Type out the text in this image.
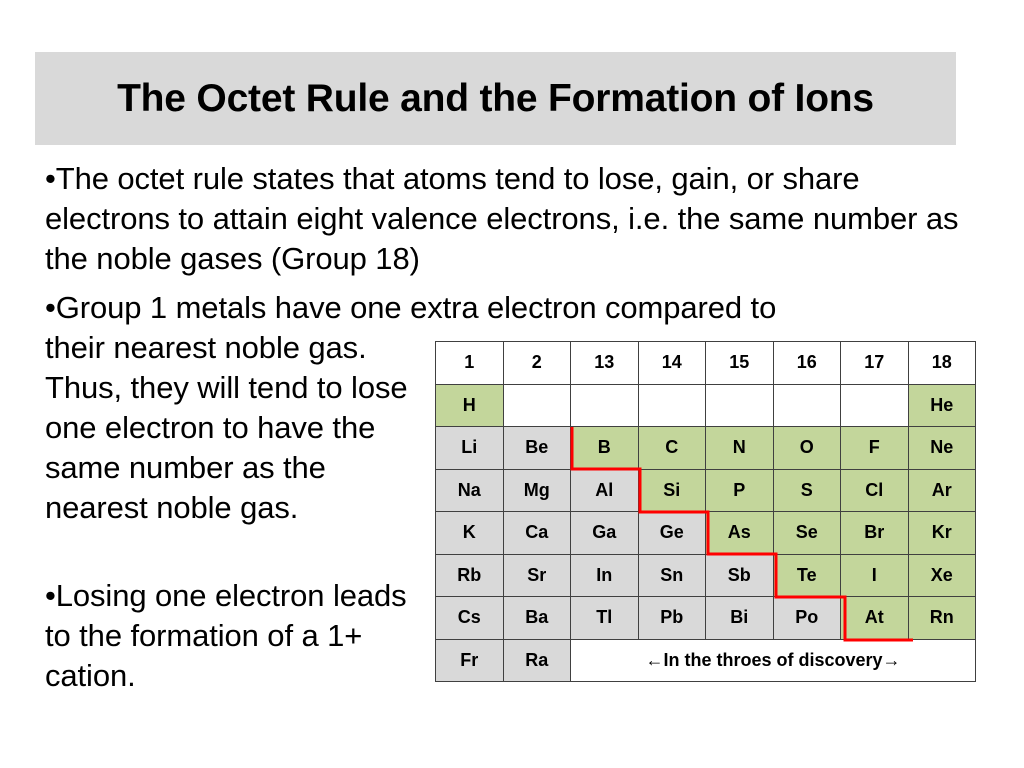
The Octet Rule and the Formation of Ions

•The octet rule states that atoms tend to lose, gain, or share electrons to attain eight valence electrons, i.e. the same number as the noble gases (Group 18)

•Group 1 metals have one extra electron compared to

their nearest noble gas. Thus, they will tend to lose one electron to have the same number as the nearest noble gas.

•Losing one electron leads to the formation of a 1+ cation.

1	2	13	14	15	16	17	18
H							He
Li	Be	B	C	N	O	F	Ne
Na	Mg	Al	Si	P	S	Cl	Ar
K	Ca	Ga	Ge	As	Se	Br	Kr
Rb	Sr	In	Sn	Sb	Te	I	Xe
Cs	Ba	Tl	Pb	Bi	Po	At	Rn
Fr	Ra	←In the throes of discovery→					
